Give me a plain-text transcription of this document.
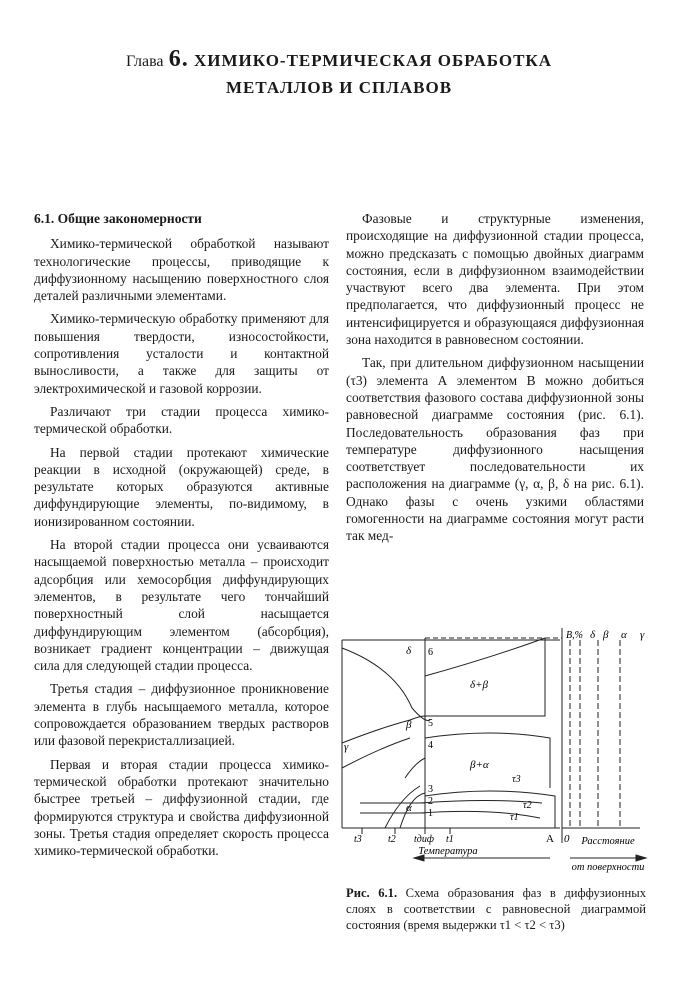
Глава 6. ХИМИКО-ТЕРМИЧЕСКАЯ ОБРАБОТКА
МЕТАЛЛОВ И СПЛАВОВ
6.1. Общие закономерности

Химико-термической обработкой называют технологические процессы, приводящие к диффузионному насыщению поверхностного слоя деталей различными элементами.

Химико-термическую обработку применяют для повышения твердости, износостойкости, сопротивления усталости и контактной выносливости, а также для защиты от электрохимической и газовой коррозии.

Различают три стадии процесса химико-термической обработки.

На первой стадии протекают химические реакции в исходной (окружающей) среде, в результате которых образуются активные диффундирующие элементы, по-видимому, в ионизированном состоянии.

На второй стадии процесса они усваиваются насыщаемой поверхностью металла – происходит адсорбция или хемосорбция диффундирующих элементов, в результате чего тончайший поверхностный слой насыщается диффундирующим элементом (абсорбция), возникает градиент концентрации – движущая сила для следующей стадии процесса.

Третья стадия – диффузионное проникновение элемента в глубь насыщаемого металла, которое сопровождается образованием твердых растворов или фазовой перекристаллизацией.

Первая и вторая стадии процесса химико-термической обработки протекают значительно быстрее третьей – диффузионной стадии, где формируются структура и свойства диффузионной зоны. Третья стадия определяет скорость процесса химико-термической обработки.

Фазовые и структурные изменения, происходящие на диффузионной стадии процесса, можно предсказать с помощью двойных диаграмм состояния, если в диффузионном взаимодействии участвуют всего два элемента. При этом предполагается, что диффузионный процесс не интенсифицируется и образующаяся диффузионная зона находится в равновесном состоянии.

Так, при длительном диффузионном насыщении (τ3) элемента А элементом В можно добиться соответствия фазового состава диффузионной зоны равновесной диаграмме состояния (рис. 6.1). Последовательность образования фаз при температуре диффузионного насыщения соответствует последовательности их расположения на диаграмме (γ, α, β, δ на рис. 6.1). Однако фазы с очень узкими областями гомогенности на диаграмме состояния могут расти так мед-

B,% δ β α γ
δ+β
β+α
γ
δ
α
β
6
5
4
3
2
1
τ3
τ2
τ1
t3	t2 tдиф t1	A 0
Температура
Расстояние
от поверхности
Рис. 6.1. Схема образования фаз в диффузионных слоях в соответствии с равновесной диаграммой состояния (время выдержки τ1 < τ2 < τ3)
